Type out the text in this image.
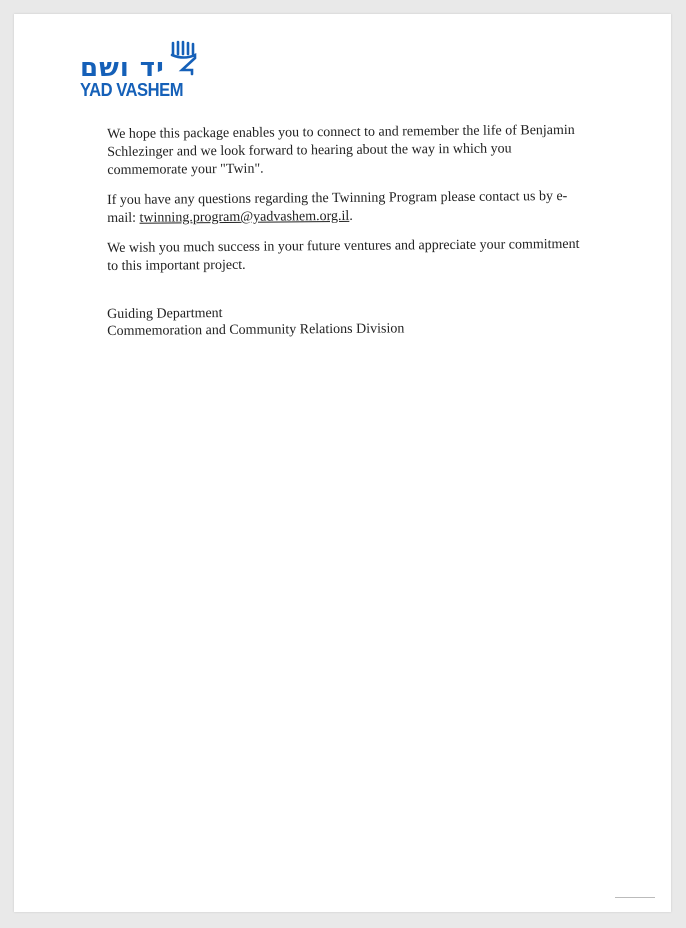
יד ושם
YAD VASHEM

We hope this package enables you to connect to and remember the life of Benjamin Schlezinger and we look forward to hearing about the way in which you commemorate your "Twin".

If you have any questions regarding the Twinning Program please contact us by e-mail: twinning.program@yadvashem.org.il.

We wish you much success in your future ventures and appreciate your commitment to this important project.

Guiding Department
Commemoration and Community Relations Division
